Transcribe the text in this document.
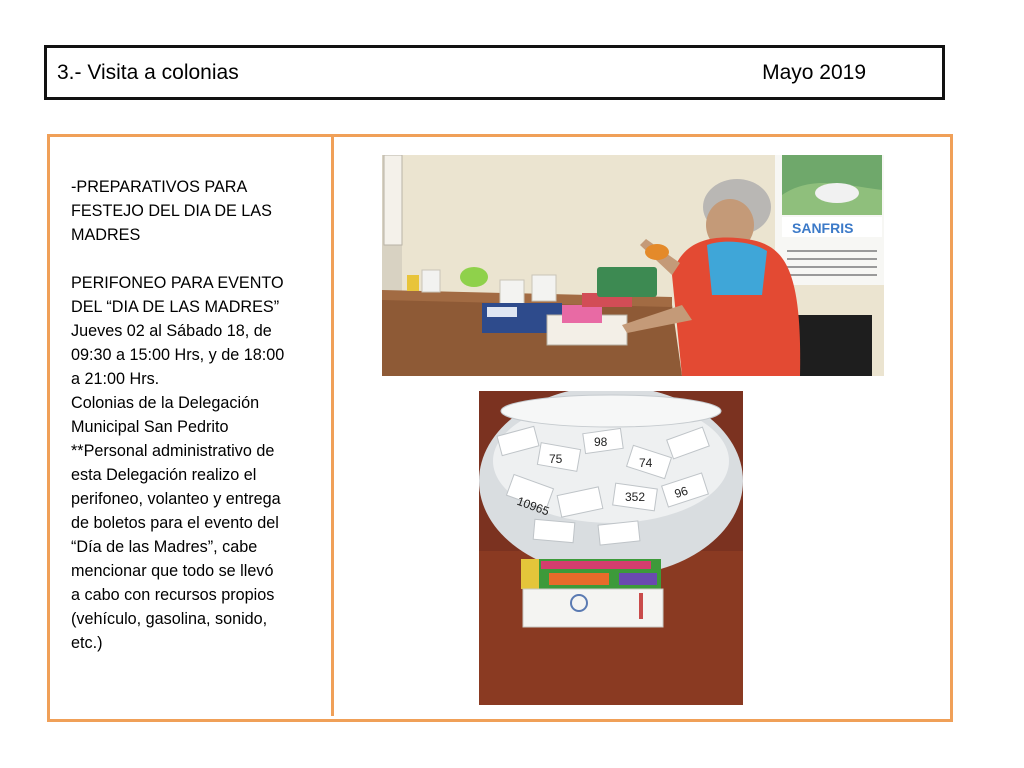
3.- Visita a colonias	Mayo 2019

-PREPARATIVOS PARA

FESTEJO DEL DIA DE LAS

MADRES

PERIFONEO PARA EVENTO

DEL “DIA DE LAS MADRES”

Jueves 02 al Sábado 18, de

09:30 a 15:00 Hrs, y de 18:00

a 21:00 Hrs.

Colonias de la Delegación

Municipal San Pedrito

**Personal administrativo de

esta Delegación realizo el

perifoneo, volanteo y entrega

de boletos para el evento del

“Día de las Madres”, cabe

mencionar que todo se llevó

a cabo con recursos propios

(vehículo, gasolina, sonido,

etc.)

SANFRIS
10965	352 96
75
98
74
